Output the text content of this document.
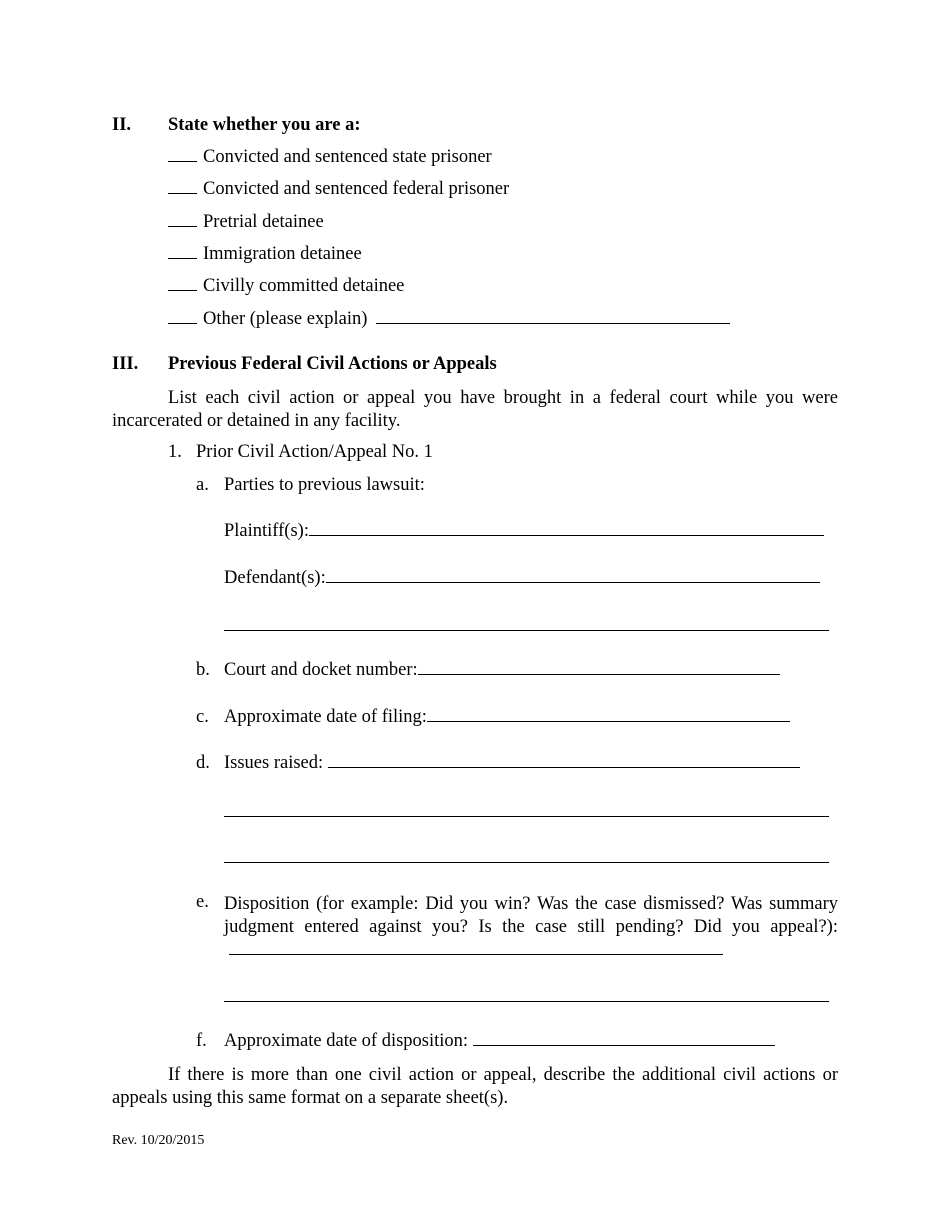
II. State whether you are a:
Convicted and sentenced state prisoner
Convicted and sentenced federal prisoner
Pretrial detainee
Immigration detainee
Civilly committed detainee
Other (please explain)
III. Previous Federal Civil Actions or Appeals
List each civil action or appeal you have brought in a federal court while you were incarcerated or detained in any facility.
1. Prior Civil Action/Appeal No. 1
a. Parties to previous lawsuit:
Plaintiff(s):
Defendant(s):
b. Court and docket number:
c. Approximate date of filing:
d. Issues raised:
e. Disposition (for example: Did you win? Was the case dismissed? Was summary judgment entered against you? Is the case still pending? Did you appeal?):
f. Approximate date of disposition:
If there is more than one civil action or appeal, describe the additional civil actions or appeals using this same format on a separate sheet(s).
Rev. 10/20/2015
